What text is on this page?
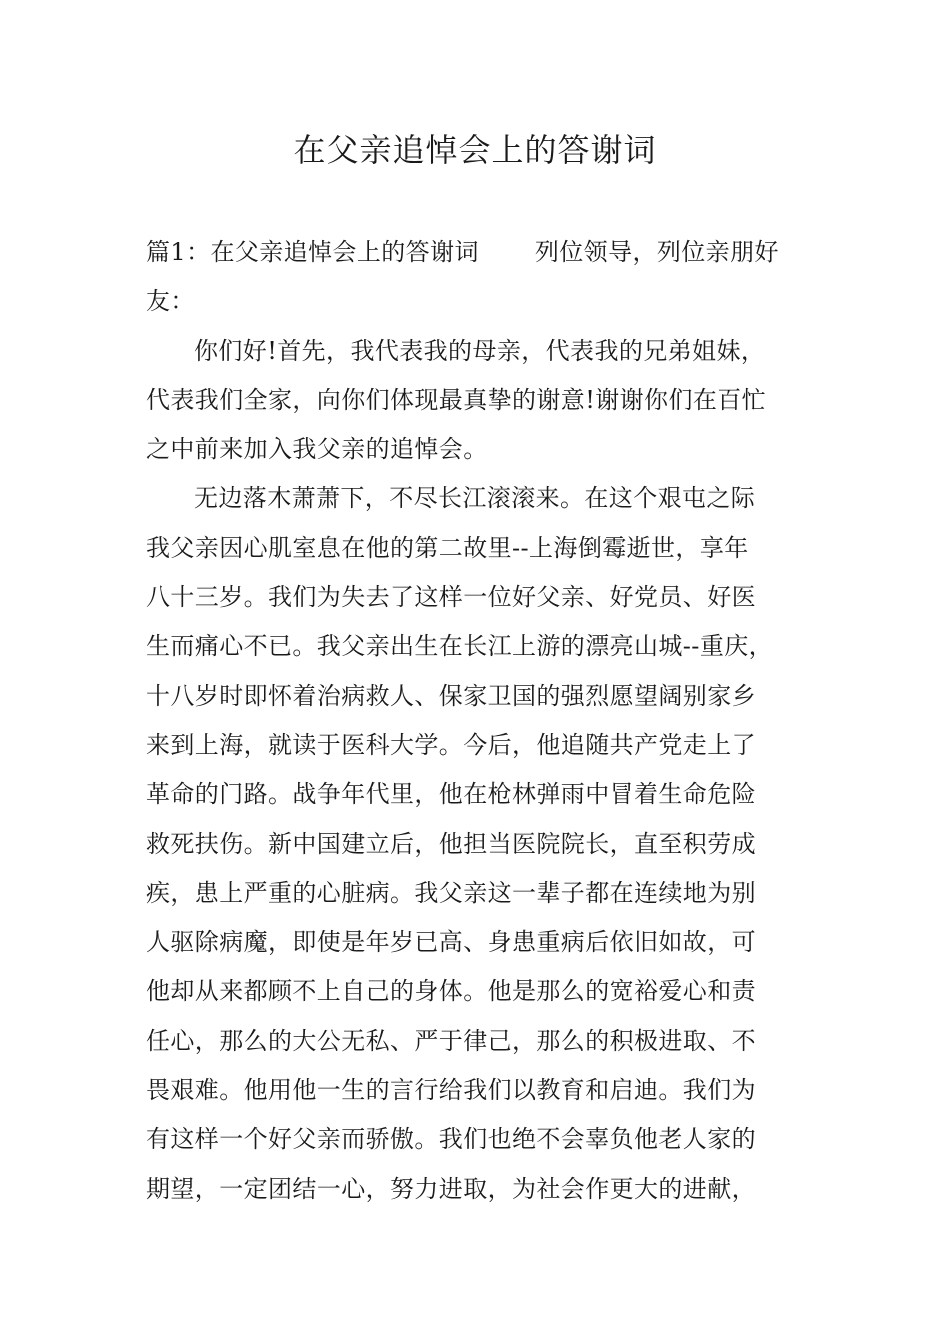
在父亲追悼会上的答谢词
篇1：在父亲追悼会上的答谢词 列位领导，列位亲朋好
友：
你们好!首先，我代表我的母亲，代表我的兄弟姐妹，
代表我们全家，向你们体现最真挚的谢意!谢谢你们在百忙
之中前来加入我父亲的追悼会。
无边落木萧萧下，不尽长江滚滚来。在这个艰屯之际
我父亲因心肌室息在他的第二故里--上海倒霉逝世，享年
八十三岁。我们为失去了这样一位好父亲、好党员、好医
生而痛心不已。我父亲出生在长江上游的漂亮山城--重庆，
十八岁时即怀着治病救人、保家卫国的强烈愿望阔别家乡
来到上海，就读于医科大学。今后，他追随共产党走上了
革命的门路。战争年代里，他在枪林弹雨中冒着生命危险
救死扶伤。新中国建立后，他担当医院院长，直至积劳成
疾，患上严重的心脏病。我父亲这一辈子都在连续地为别
人驱除病魔，即使是年岁已高、身患重病后依旧如故，可
他却从来都顾不上自己的身体。他是那么的宽裕爱心和责
任心，那么的大公无私、严于律己，那么的积极进取、不
畏艰难。他用他一生的言行给我们以教育和启迪。我们为
有这样一个好父亲而骄傲。我们也绝不会辜负他老人家的
期望，一定团结一心，努力进取，为社会作更大的进献，
